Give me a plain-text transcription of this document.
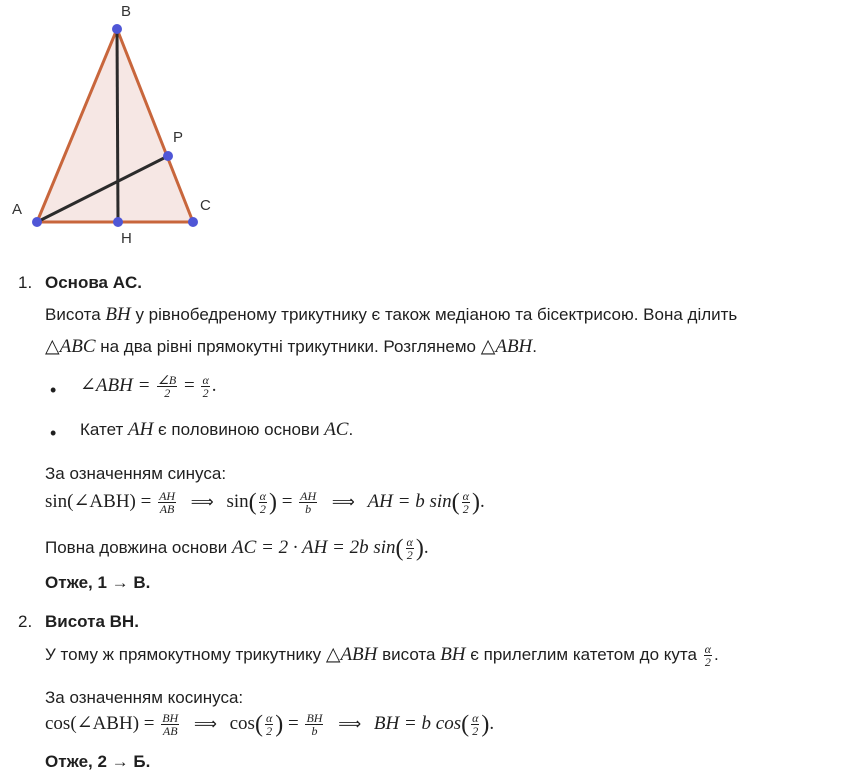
A
B
C
P
H
1. Основа AC.
Висота BH у рівнобедреному трикутнику є також медіаною та бісектрисою. Вона ділить
△ABC на два рівні прямокутні трикутники. Розглянемо △ABH.
• ∠ABH = $\frac{\angle B}{2} = \frac{\alpha}{2}$ .
• Катет AH є половиною основи AC.
За означенням синуса:
sin(∠ABH) = $\frac{AH}{AB}$ ⟹ $\sin( \frac{\alpha}{2}$ ) = $\frac{AH}{b}$ ⟹ AH = b $\sin( \frac{\alpha}{2}$ ).
Повна довжина основи AC = 2 · AH = 2b $\sin( \frac{\alpha}{2}$ ).
Отже, 1 → В.
2. Висота BH.
У тому ж прямокутному трикутнику △ABH висота BH є прилеглим катетом до кута $\frac{\alpha}{2}$ .
За означенням косинуса:
cos(∠ABH) = $\frac{BH}{AB}$ ⟹ $\cos( \frac{\alpha}{2}$ ) = $\frac{BH}{b}$ ⟹ BH = b $\cos( \frac{\alpha}{2}$ ).
Отже, 2 → Б.
